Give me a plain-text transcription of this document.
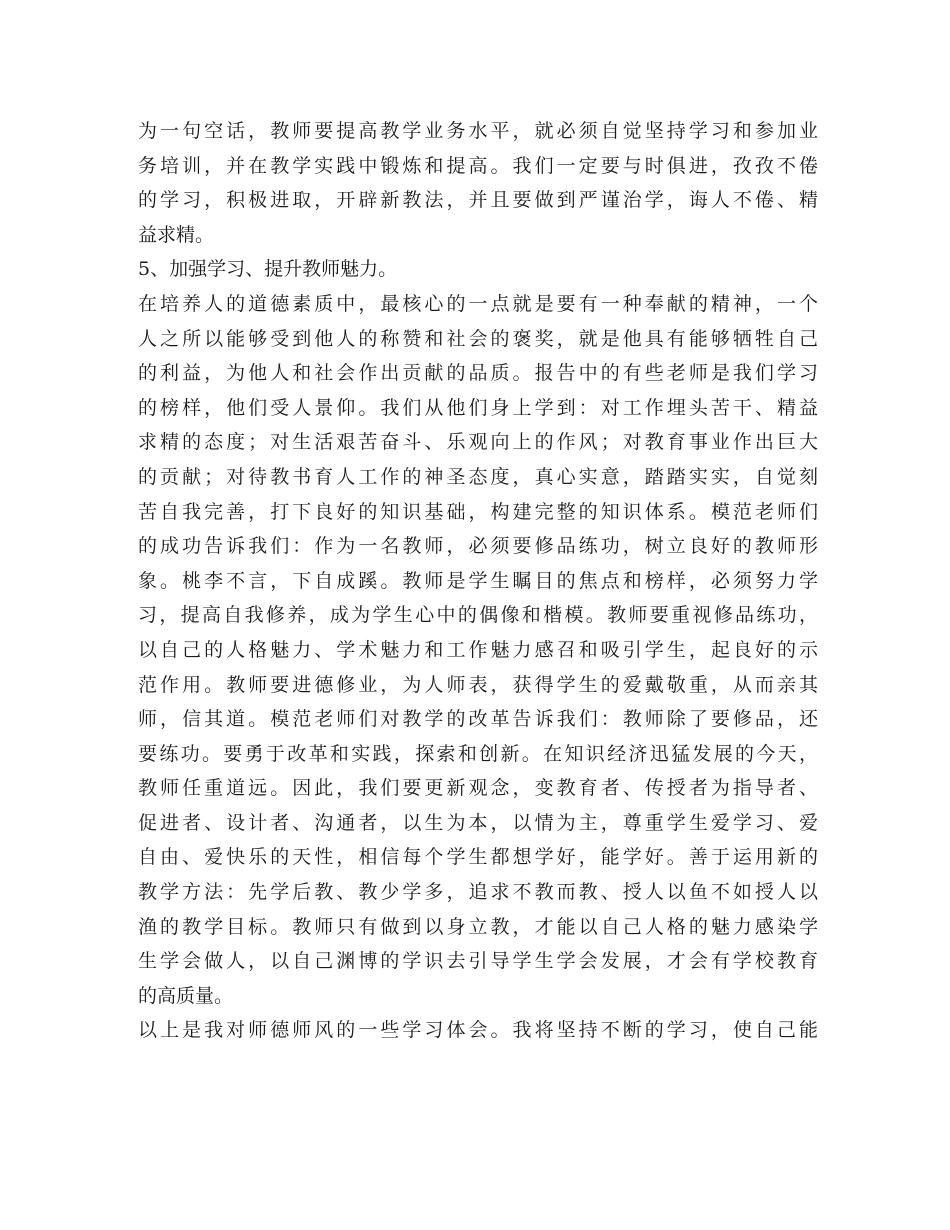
为一句空话，教师要提高教学业务水平，就必须自觉坚持学习和参加业
务培训，并在教学实践中锻炼和提高。我们一定要与时俱进，孜孜不倦
的学习，积极进取，开辟新教法，并且要做到严谨治学，诲人不倦、精
益求精。
5、加强学习、提升教师魅力。
在培养人的道德素质中，最核心的一点就是要有一种奉献的精神，一个
人之所以能够受到他人的称赞和社会的褒奖，就是他具有能够牺牲自己
的利益，为他人和社会作出贡献的品质。报告中的有些老师是我们学习
的榜样，他们受人景仰。我们从他们身上学到：对工作埋头苦干、精益
求精的态度；对生活艰苦奋斗、乐观向上的作风；对教育事业作出巨大
的贡献；对待教书育人工作的神圣态度，真心实意，踏踏实实，自觉刻
苦自我完善，打下良好的知识基础，构建完整的知识体系。模范老师们
的成功告诉我们：作为一名教师，必须要修品练功，树立良好的教师形
象。桃李不言，下自成蹊。教师是学生瞩目的焦点和榜样，必须努力学
习，提高自我修养，成为学生心中的偶像和楷模。教师要重视修品练功，
以自己的人格魅力、学术魅力和工作魅力感召和吸引学生，起良好的示
范作用。教师要进德修业，为人师表，获得学生的爱戴敬重，从而亲其
师，信其道。模范老师们对教学的改革告诉我们：教师除了要修品，还
要练功。要勇于改革和实践，探索和创新。在知识经济迅猛发展的今天，
教师任重道远。因此，我们要更新观念，变教育者、传授者为指导者、
促进者、设计者、沟通者，以生为本，以情为主，尊重学生爱学习、爱
自由、爱快乐的天性，相信每个学生都想学好，能学好。善于运用新的
教学方法：先学后教、教少学多，追求不教而教、授人以鱼不如授人以
渔的教学目标。教师只有做到以身立教，才能以自己人格的魅力感染学
生学会做人，以自己渊博的学识去引导学生学会发展，才会有学校教育
的高质量。
以上是我对师德师风的一些学习体会。我将坚持不断的学习，使自己能
